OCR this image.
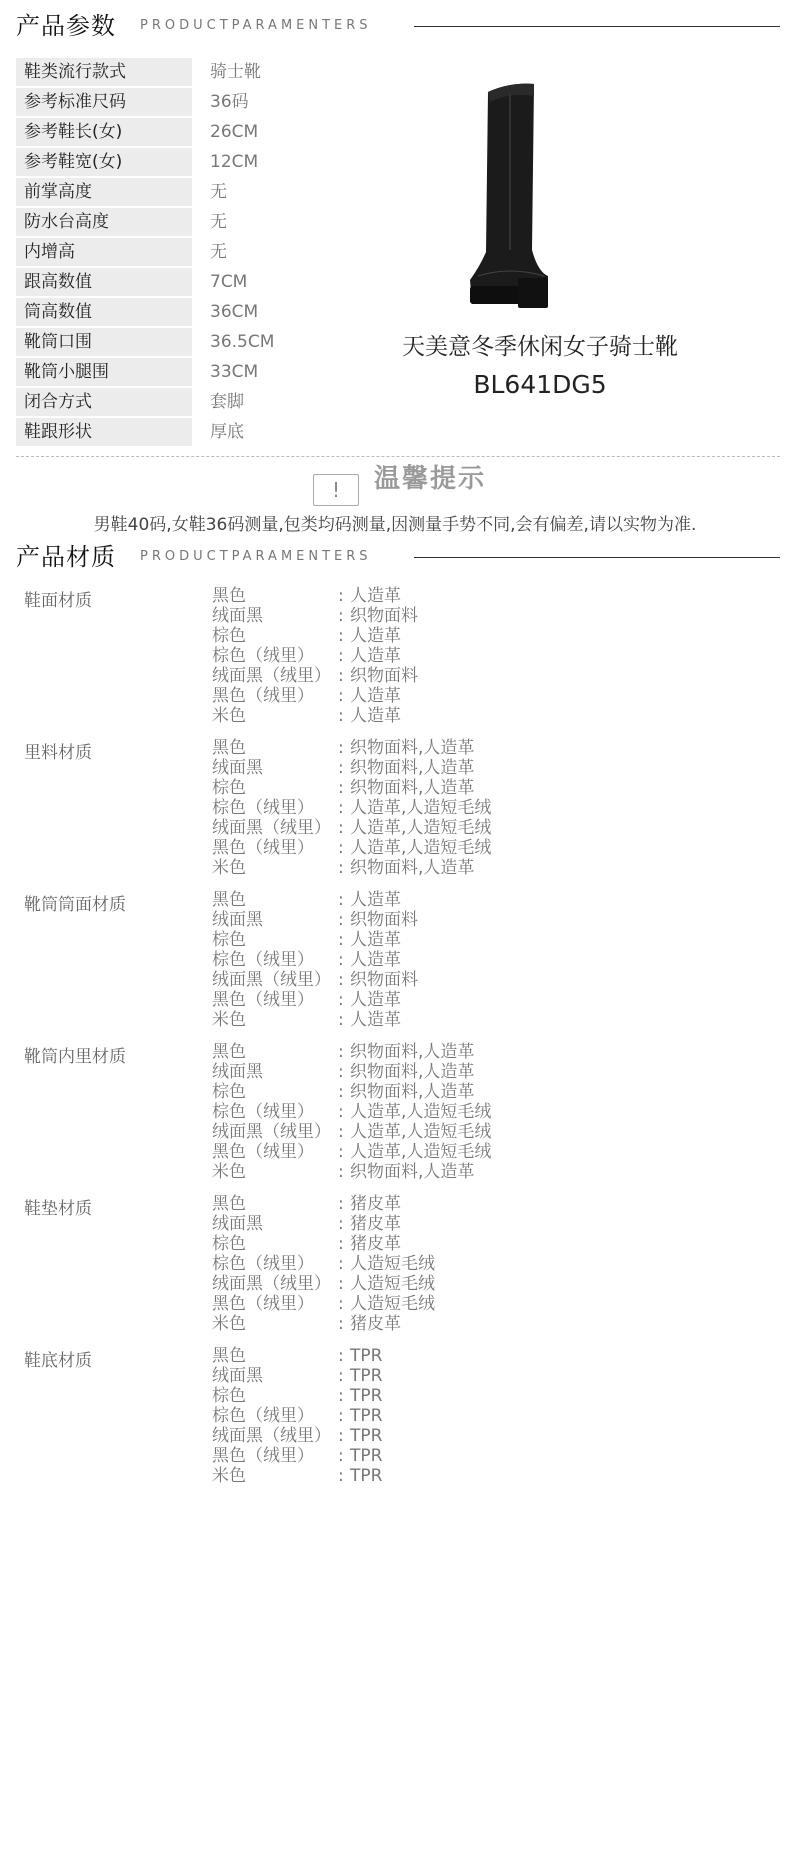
产品参数 PRODUCTPARAMENTERS
鞋类流行款式	骑士靴
参考标准尺码	36码
参考鞋长(女)	26CM
参考鞋宽(女)	12CM
前掌高度	无
防水台高度	无
内增高	无
跟高数值	7CM
筒高数值	36CM
靴筒口围	36.5CM
靴筒小腿围	33CM
闭合方式	套脚
鞋跟形状	厚底
天美意冬季休闲女子骑士靴
BL641DG5
!	温馨提示
男鞋40码,女鞋36码测量,包类均码测量,因测量手势不同,会有偏差,请以实物为准.
产品材质 PRODUCTPARAMENTERS
鞋面材质	黑色	: 人造革
绒面黑	: 织物面料
棕色	: 人造革
棕色（绒里） : 人造革
绒面黑（绒里） : 织物面料
黑色（绒里） : 人造革
米色	: 人造革
里料材质	黑色	: 织物面料,人造革
绒面黑	: 织物面料,人造革
棕色	: 织物面料,人造革
棕色（绒里） : 人造革,人造短毛绒
绒面黑（绒里） : 人造革,人造短毛绒
黑色（绒里） : 人造革,人造短毛绒
米色	: 织物面料,人造革
靴筒筒面材质	黑色	: 人造革
绒面黑	: 织物面料
棕色	: 人造革
棕色（绒里） : 人造革
绒面黑（绒里） : 织物面料
黑色（绒里） : 人造革
米色	: 人造革
靴筒内里材质	黑色	: 织物面料,人造革
绒面黑	: 织物面料,人造革
棕色	: 织物面料,人造革
棕色（绒里） : 人造革,人造短毛绒
绒面黑（绒里） : 人造革,人造短毛绒
黑色（绒里） : 人造革,人造短毛绒
米色	: 织物面料,人造革
鞋垫材质	黑色	: 猪皮革
绒面黑	: 猪皮革
棕色	: 猪皮革
棕色（绒里） : 人造短毛绒
绒面黑（绒里） : 人造短毛绒
黑色（绒里） : 人造短毛绒
米色	: 猪皮革
鞋底材质	黑色	: TPR
绒面黑	: TPR
棕色	: TPR
棕色（绒里） : TPR
绒面黑（绒里） : TPR
黑色（绒里） : TPR
米色	: TPR
